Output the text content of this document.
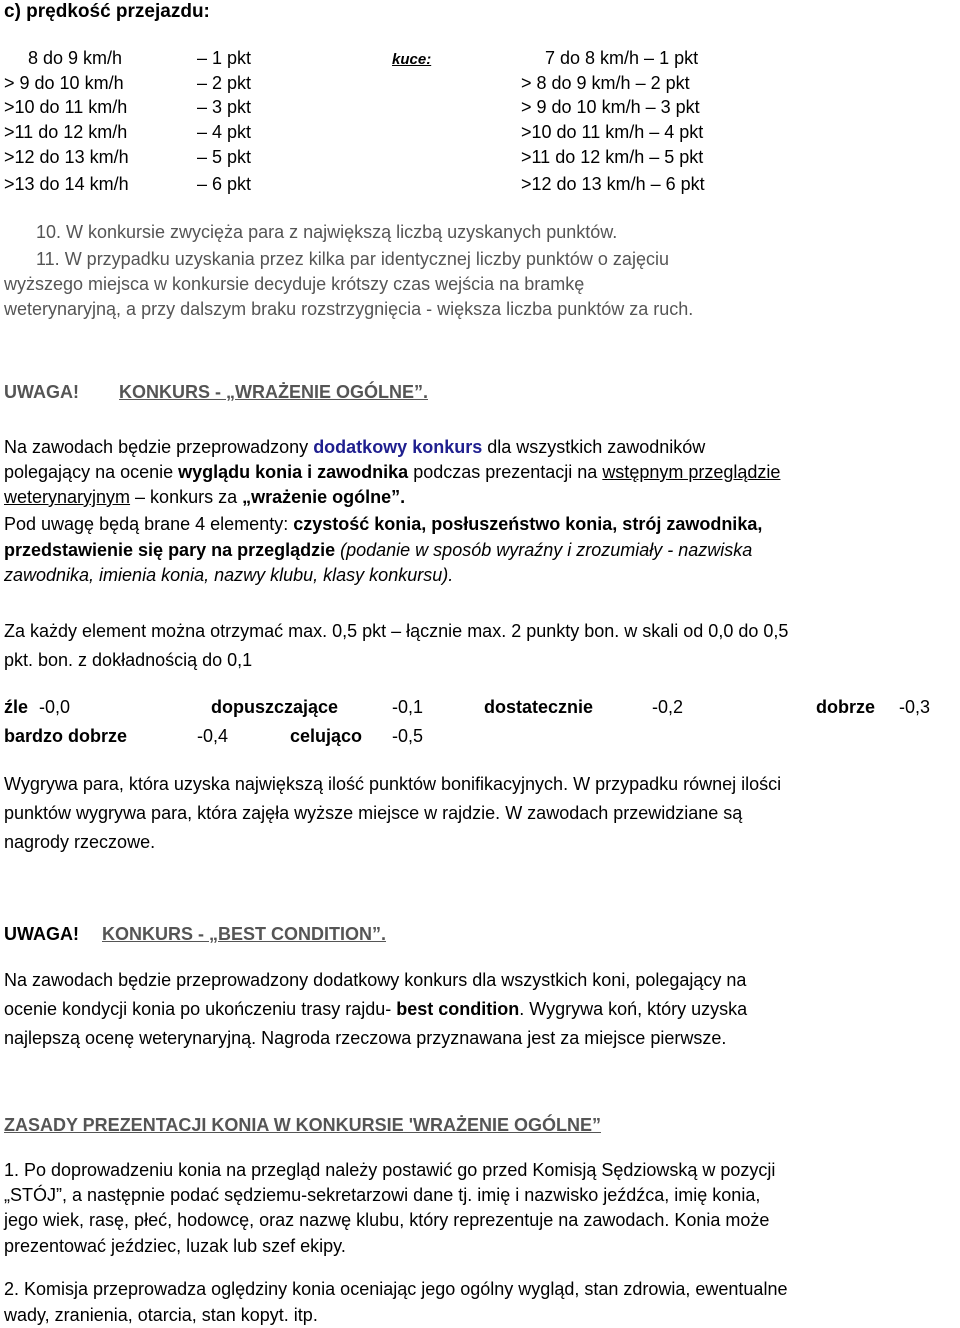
c) prędkość przejazdu:
8 do 9 km/h	– 1 pkt	kuce:	7 do 8 km/h – 1 pkt
> 9 do 10 km/h	– 2 pkt	> 8 do 9 km/h – 2 pkt
>10 do 11 km/h	– 3 pkt	> 9 do 10 km/h – 3 pkt
>11 do 12 km/h	– 4 pkt	>10 do 11 km/h – 4 pkt
>12 do 13 km/h	– 5 pkt	>11 do 12 km/h – 5 pkt
>13 do 14 km/h	– 6 pkt	>12 do 13 km/h – 6 pkt
10. W konkursie zwycięża para z największą liczbą uzyskanych punktów.
11. W przypadku uzyskania przez kilka par identycznej liczby punktów o zajęciu
wyższego miejsca w konkursie decyduje krótszy czas wejścia na bramkę
weterynaryjną, a przy dalszym braku rozstrzygnięcia - większa liczba punktów za ruch.
UWAGA! KONKURS - „WRAŻENIE OGÓLNE”.
Na zawodach będzie przeprowadzony dodatkowy konkurs dla wszystkich zawodników
polegający na ocenie wyglądu konia i zawodnika podczas prezentacji na wstępnym przeglądzie
weterynaryjnym – konkurs za „wrażenie ogólne”.
Pod uwagę będą brane 4 elementy: czystość konia, posłuszeństwo konia, strój zawodnika,
przedstawienie się pary na przeglądzie (podanie w sposób wyraźny i zrozumiały - nazwiska
zawodnika, imienia konia, nazwy klubu, klasy konkursu).
Za każdy element można otrzymać max. 0,5 pkt – łącznie max. 2 punkty bon. w skali od 0,0 do 0,5
pkt. bon. z dokładnością do 0,1
źle -0,0	dopuszczające	-0,1	dostatecznie	-0,2	dobrze -0,3
bardzo dobrze	-0,4	celująco -0,5
Wygrywa para, która uzyska największą ilość punktów bonifikacyjnych. W przypadku równej ilości
punktów wygrywa para, która zajęła wyższe miejsce w rajdzie. W zawodach przewidziane są
nagrody rzeczowe.
UWAGA! KONKURS - „BEST CONDITION”.
Na zawodach będzie przeprowadzony dodatkowy konkurs dla wszystkich koni, polegający na
ocenie kondycji konia po ukończeniu trasy rajdu- best condition. Wygrywa koń, który uzyska
najlepszą ocenę weterynaryjną. Nagroda rzeczowa przyznawana jest za miejsce pierwsze.
ZASADY PREZENTACJI KONIA W KONKURSIE 'WRAŻENIE OGÓLNE”
1. Po doprowadzeniu konia na przegląd należy postawić go przed Komisją Sędziowską w pozycji
„STÓJ”, a następnie podać sędziemu-sekretarzowi dane tj. imię i nazwisko jeźdźca, imię konia,
jego wiek, rasę, płeć, hodowcę, oraz nazwę klubu, który reprezentuje na zawodach. Konia może
prezentować jeździec, luzak lub szef ekipy.
2. Komisja przeprowadza oględziny konia oceniając jego ogólny wygląd, stan zdrowia, ewentualne
wady, zranienia, otarcia, stan kopyt. itp.
